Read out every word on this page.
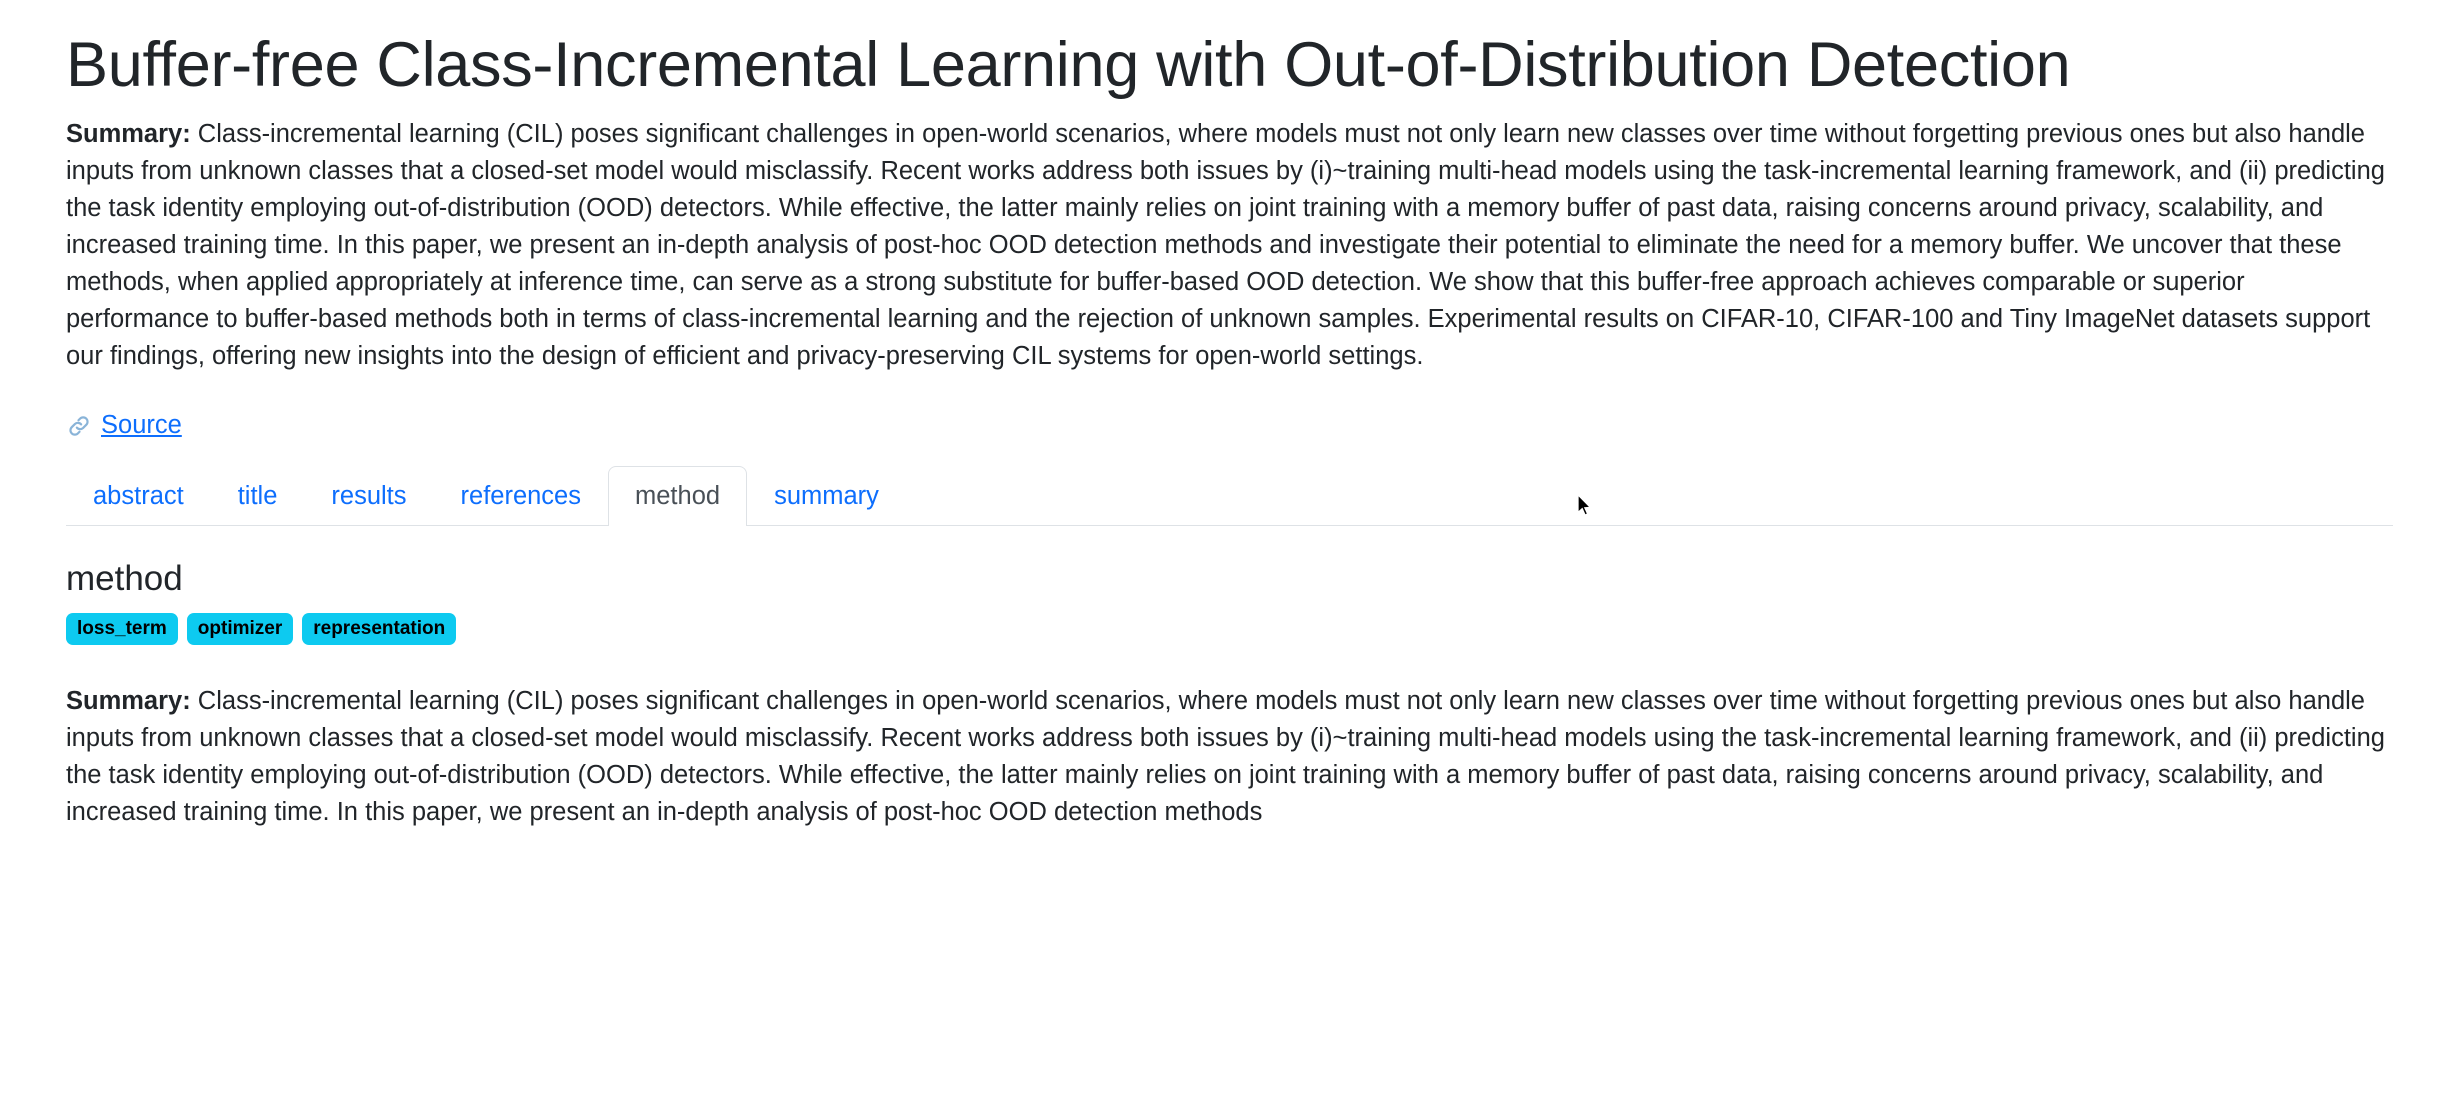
Buffer-free Class-Incremental Learning with Out-of-Distribution Detection

Summary: Class-incremental learning (CIL) poses significant challenges in open-world scenarios, where models must not only learn new classes over time without forgetting previous ones but also handle inputs from unknown classes that a closed-set model would misclassify. Recent works address both issues by (i)~training multi-head models using the task-incremental learning framework, and (ii) predicting the task identity employing out-of-distribution (OOD) detectors. While effective, the latter mainly relies on joint training with a memory buffer of past data, raising concerns around privacy, scalability, and increased training time. In this paper, we present an in-depth analysis of post-hoc OOD detection methods and investigate their potential to eliminate the need for a memory buffer. We uncover that these methods, when applied appropriately at inference time, can serve as a strong substitute for buffer-based OOD detection. We show that this buffer-free approach achieves comparable or superior performance to buffer-based methods both in terms of class-incremental learning and the rejection of unknown samples. Experimental results on CIFAR-10, CIFAR-100 and Tiny ImageNet datasets support our findings, offering new insights into the design of efficient and privacy-preserving CIL systems for open-world settings.

Source
abstract	title	results	references	method	summary
method
loss_term	optimizer	representation

Summary: Class-incremental learning (CIL) poses significant challenges in open-world scenarios, where models must not only learn new classes over time without forgetting previous ones but also handle inputs from unknown classes that a closed-set model would misclassify. Recent works address both issues by (i)~training multi-head models using the task-incremental learning framework, and (ii) predicting the task identity employing out-of-distribution (OOD) detectors. While effective, the latter mainly relies on joint training with a memory buffer of past data, raising concerns around privacy, scalability, and increased training time. In this paper, we present an in-depth analysis of post-hoc OOD detection methods
